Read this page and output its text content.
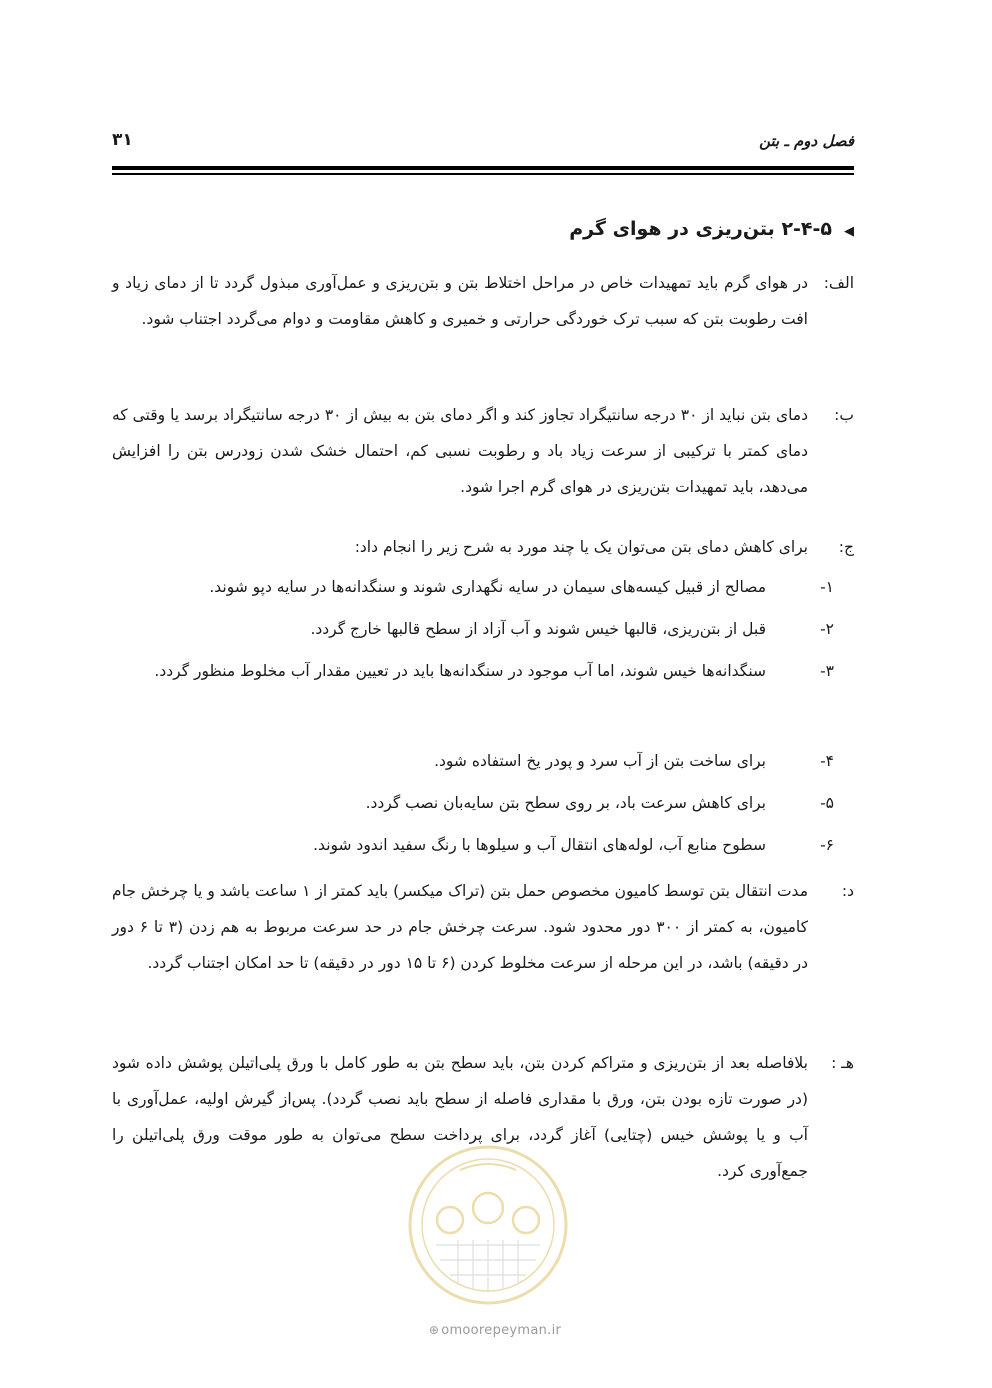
فصل دوم ـ بتن
۳۱
◀۲-۴-۵ بتن‌ریزی در هوای گرم
الف:
در هوای گرم باید تمهیدات خاص در مراحل اختلاط بتن و بتن‌ریزی و عمل‌آوری مبذول گردد تا از دمای زیاد و افت رطوبت بتن که سبب ترک خوردگی حرارتی و خمیری و کاهش مقاومت و دوام می‌گردد اجتناب شود.
ب:
دمای بتن نباید از ۳۰ درجه سانتیگراد تجاوز کند و اگر دمای بتن به بیش از ۳۰ درجه سانتیگراد برسد یا وقتی که دمای کمتر با ترکیبی از سرعت زیاد باد و رطوبت نسبی کم، احتمال خشک شدن زودرس بتن را افزایش می‌دهد، باید تمهیدات بتن‌ریزی در هوای گرم اجرا شود.
ج:
برای کاهش دمای بتن می‌توان یک یا چند مورد به شرح زیر را انجام داد:
۱-
مصالح از قبیل کیسه‌های سیمان در سایه نگهداری شوند و سنگدانه‌ها در سایه دپو شوند.
۲-
قبل از بتن‌ریزی، قالبها خیس شوند و آب آزاد از سطح قالبها خارج گردد.
۳-
سنگدانه‌ها خیس شوند، اما آب موجود در سنگدانه‌ها باید در تعیین مقدار آب مخلوط منظور گردد.
۴-
برای ساخت بتن از آب سرد و پودر یخ استفاده شود.
۵-
برای کاهش سرعت باد، بر روی سطح بتن سایه‌بان نصب گردد.
۶-
سطوح منابع آب، لوله‌های انتقال آب و سیلوها با رنگ سفید اندود شوند.
د:
مدت انتقال بتن توسط کامیون مخصوص حمل بتن (تراک میکسر) باید کمتر از ۱ ساعت باشد و یا چرخش جام کامیون، به کمتر از ۳۰۰ دور محدود شود. سرعت چرخش جام در حد سرعت مربوط به هم زدن (۳ تا ۶ دور در دقیقه) باشد، در این مرحله از سرعت مخلوط کردن (۶ تا ۱۵ دور در دقیقه) تا حد امکان اجتناب گردد.
هـ :
بلافاصله بعد از بتن‌ریزی و متراکم کردن بتن، باید سطح بتن به طور کامل با ورق پلی‌اتیلن پوشش داده شود (در صورت تازه بودن بتن، ورق با مقداری فاصله از سطح باید نصب گردد). پس‌از گیرش اولیه، عمل‌آوری با آب و یا پوشش خیس (چتایی) آغاز گردد، برای پرداخت سطح می‌توان به طور موقت ورق پلی‌اتیلن را جمع‌آوری کرد.
⊕ omoorepeyman.ir
